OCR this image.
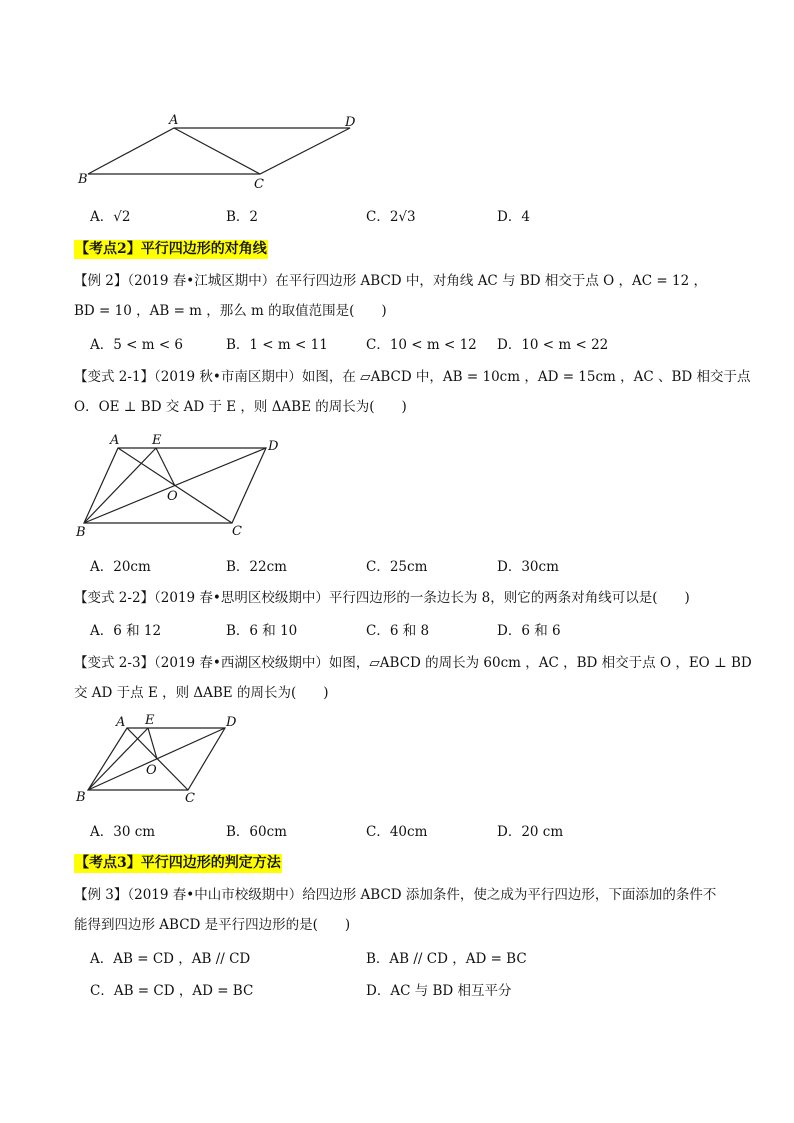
A	D
B	C
A．√2	B．2	C．2√3	D．4
【考点2】平行四边形的对角线
【例 2】（2019 春•江城区期中）在平行四边形 ABCD 中，对角线 AC 与 BD 相交于点 O ，AC = 12 ，
BD = 10 ，AB = m ，那么 m 的取值范围是(　　)
A．5 < m < 6	B．1 < m < 11	C．10 < m < 12 D．10 < m < 22
【变式 2-1】（2019 秋•市南区期中）如图，在 ▱ABCD 中，AB = 10cm ，AD = 15cm ，AC 、BD 相交于点
O．OE ⊥ BD 交 AD 于 E ，则 ΔABE 的周长为(　　)
A	E	D
O
B	C
A．20cm	B．22cm	C．25cm	D．30cm
【变式 2-2】（2019 春•思明区校级期中）平行四边形的一条边长为 8，则它的两条对角线可以是(　　)
A．6 和 12	B．6 和 10	C．6 和 8	D．6 和 6
【变式 2-3】（2019 春•西湖区校级期中）如图，▱ABCD 的周长为 60cm ，AC ，BD 相交于点 O ，EO ⊥ BD
交 AD 于点 E ，则 ΔABE 的周长为(　　)
A E	D
O
B	C
A．30 cm	B．60cm	C．40cm	D．20 cm
【考点3】平行四边形的判定方法
【例 3】（2019 春•中山市校级期中）给四边形 ABCD 添加条件，使之成为平行四边形，下面添加的条件不
能得到四边形 ABCD 是平行四边形的是(　　)
A．AB = CD ，AB // CD	B．AB // CD ，AD = BC
C．AB = CD ，AD = BC	D．AC 与 BD 相互平分
